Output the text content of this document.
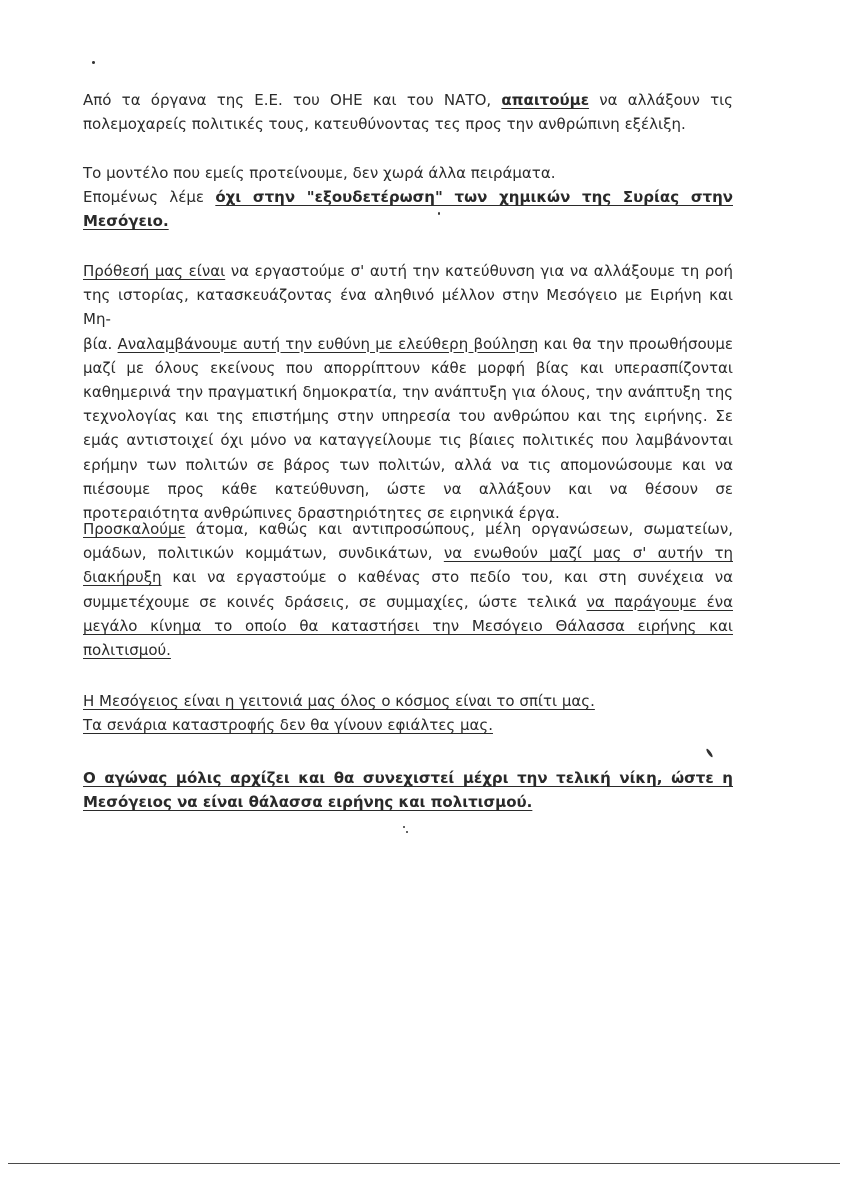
Από τα όργανα της Ε.Ε. του ΟΗΕ και του ΝΑΤΟ, απαιτούμε να αλλάξουν τις
πολεμοχαρείς πολιτικές τους, κατευθύνοντας τες προς την ανθρώπινη εξέλιξη.
Το μοντέλο που εμείς προτείνουμε, δεν χωρά άλλα πειράματα.
Επομένως λέμε όχι στην "εξουδετέρωση" των χημικών της Συρίας στην
Μεσόγειο.
Πρόθεσή μας είναι να εργαστούμε σ' αυτή την κατεύθυνση για να αλλάξουμε τη ροή
της ιστορίας, κατασκευάζοντας ένα αληθινό μέλλον στην Μεσόγειο με Ειρήνη και Μη-
βία. Αναλαμβάνουμε αυτή την ευθύνη με ελεύθερη βούληση και θα την προωθήσουμε
μαζί με όλους εκείνους που απορρίπτουν κάθε μορφή βίας και υπερασπίζονται
καθημερινά την πραγματική δημοκρατία, την ανάπτυξη για όλους, την ανάπτυξη της
τεχνολογίας και της επιστήμης στην υπηρεσία του ανθρώπου και της ειρήνης. Σε
εμάς αντιστοιχεί όχι μόνο να καταγγείλουμε τις βίαιες πολιτικές που λαμβάνονται
ερήμην των πολιτών σε βάρος των πολιτών, αλλά να τις απομονώσουμε και να
πιέσουμε προς κάθε κατεύθυνση, ώστε να αλλάξουν και να θέσουν σε
προτεραιότητα ανθρώπινες δραστηριότητες σε ειρηνικά έργα.
Προσκαλούμε άτομα, καθώς και αντιπροσώπους, μέλη οργανώσεων, σωματείων,
ομάδων, πολιτικών κομμάτων, συνδικάτων, να ενωθούν μαζί μας σ' αυτήν τη
διακήρυξη και να εργαστούμε ο καθένας στο πεδίο του, και στη συνέχεια να
συμμετέχουμε σε κοινές δράσεις, σε συμμαχίες, ώστε τελικά να παράγουμε ένα
μεγάλο κίνημα το οποίο θα καταστήσει την Μεσόγειο Θάλασσα ειρήνης και
πολιτισμού.
Η Μεσόγειος είναι η γειτονιά μας όλος ο κόσμος είναι το σπίτι μας.
Τα σενάρια καταστροφής δεν θα γίνουν εφιάλτες μας.
Ο αγώνας μόλις αρχίζει και θα συνεχιστεί μέχρι την τελική νίκη, ώστε η
Μεσόγειος να είναι θάλασσα ειρήνης και πολιτισμού.
